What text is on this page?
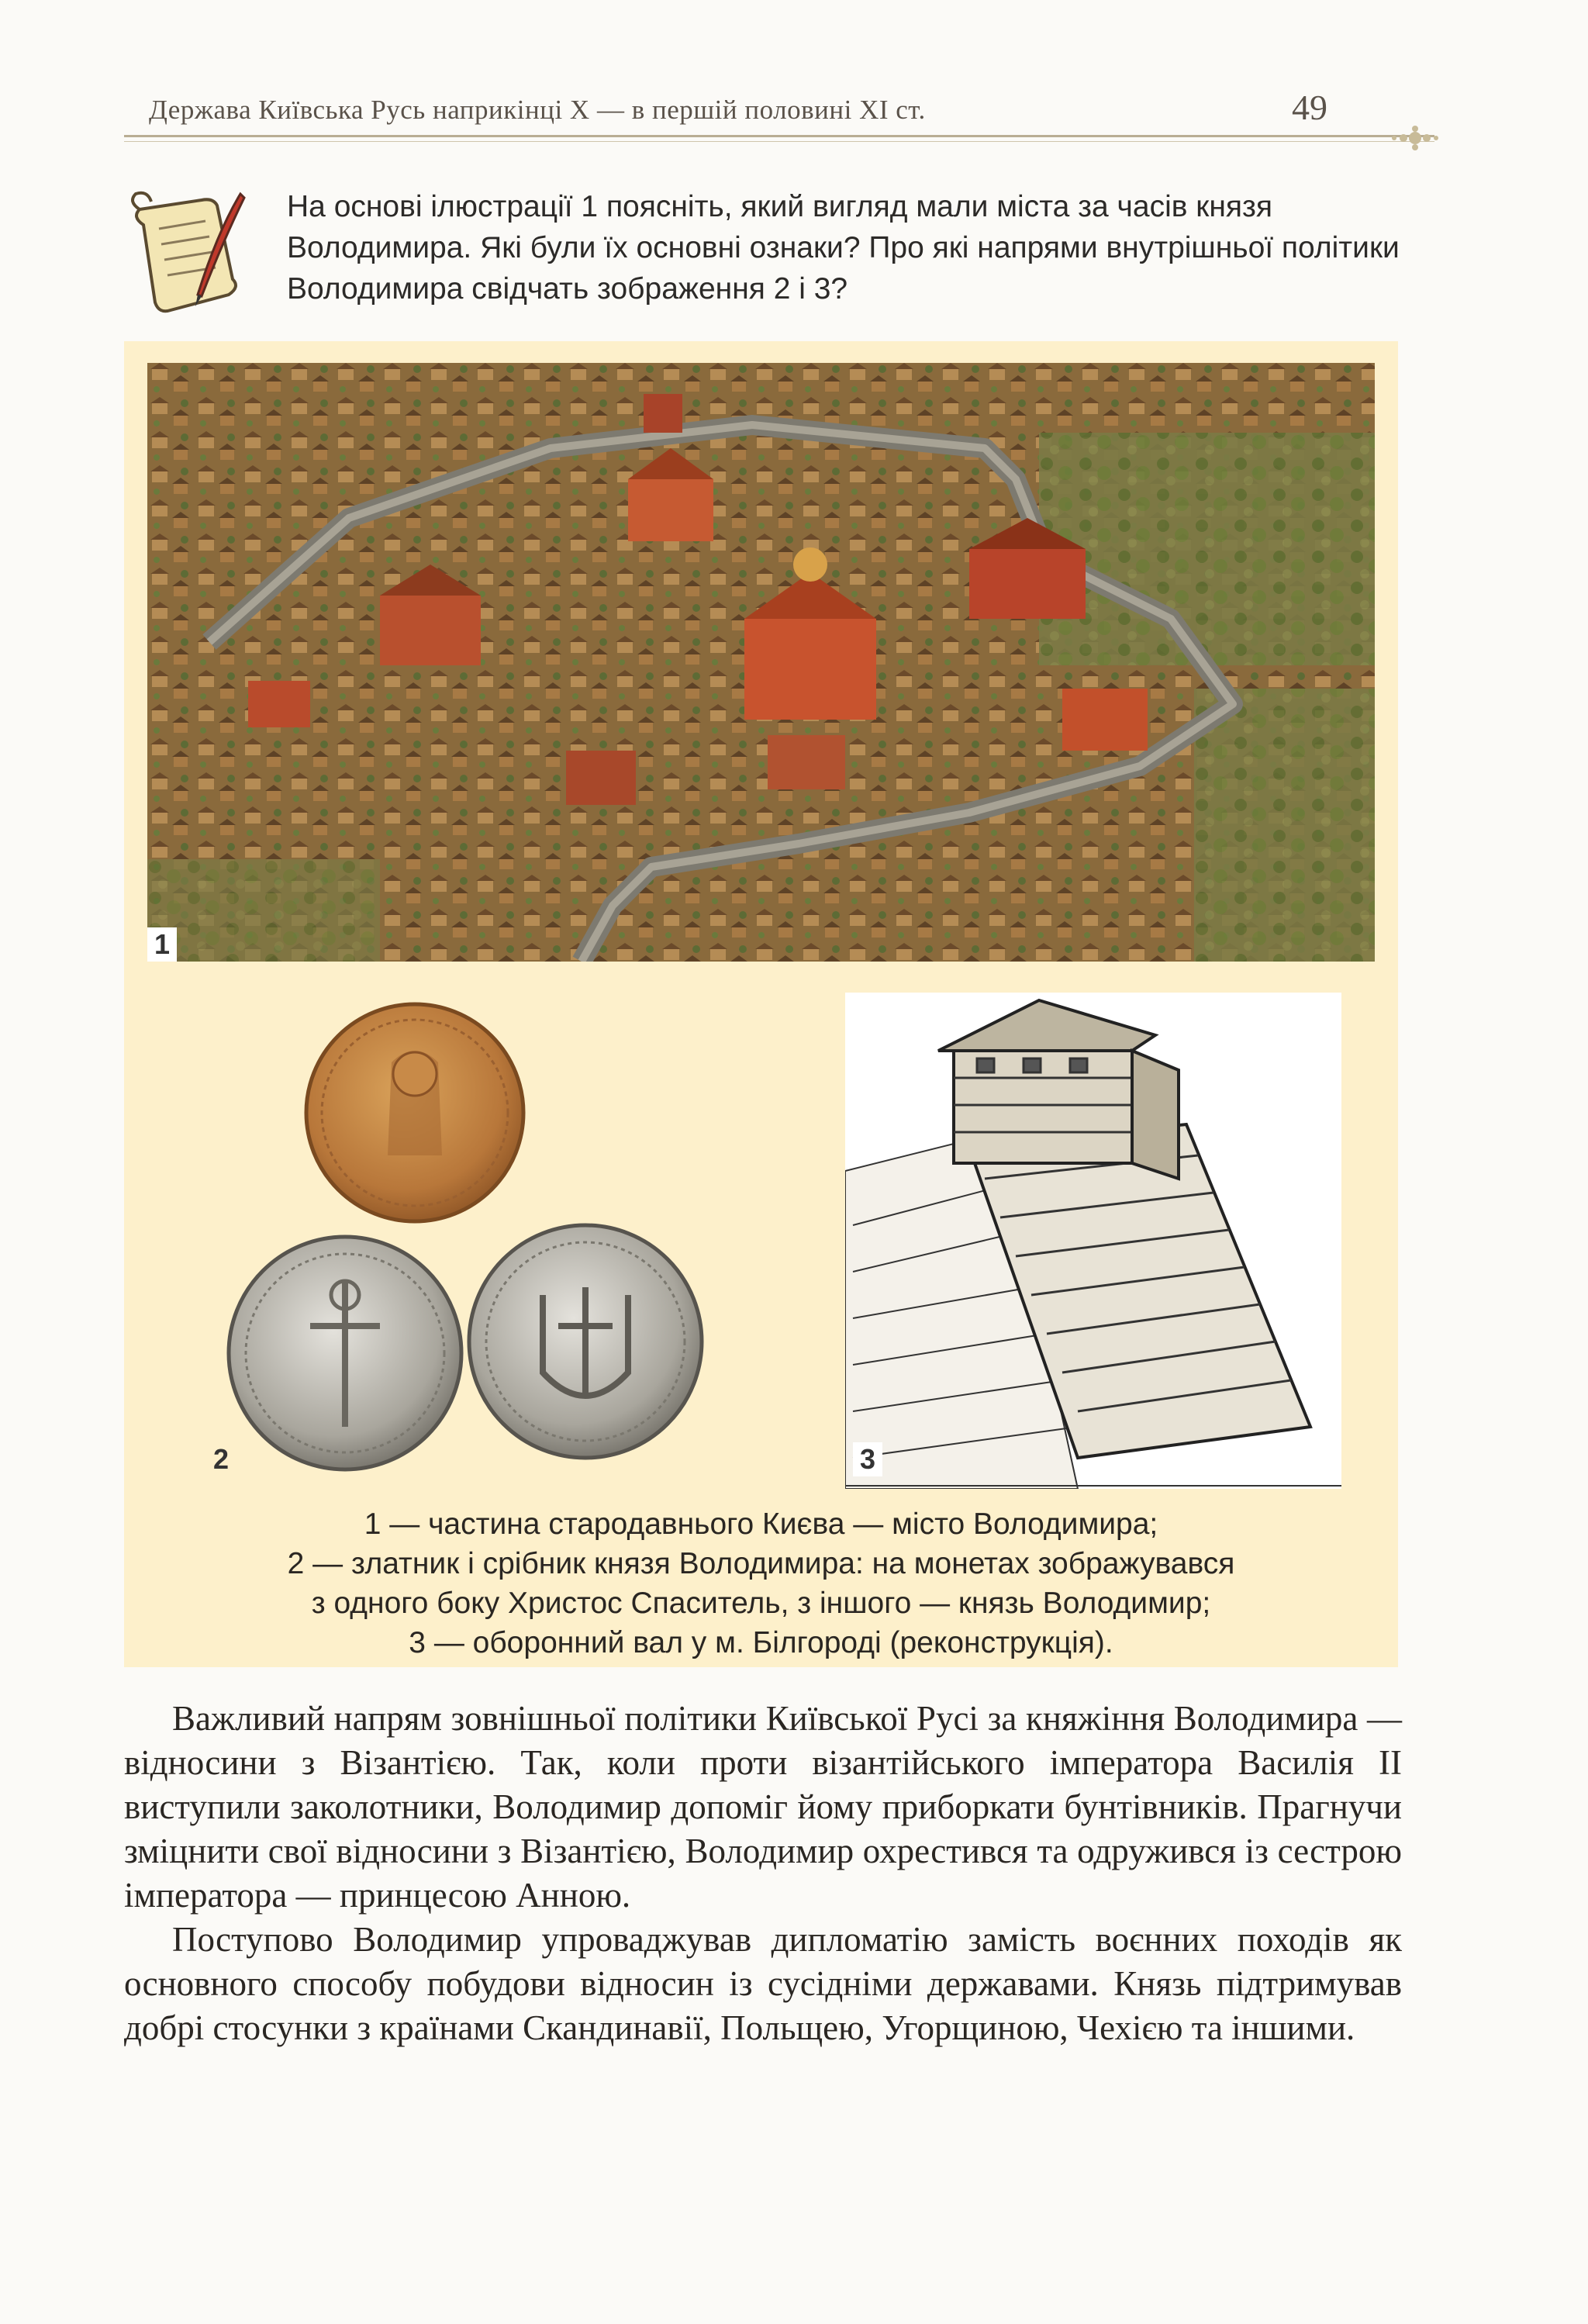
Держава Київська Русь наприкінці X — в першій половині XI ст.	49
На основі ілюстрації 1 поясніть, який вигляд мали міста за часів князя Володимира. Які були їх основні ознаки? Про які напрями внутрішньої політики Володимира свідчать зображення 2 і 3?
1
2	3
1 — частина стародавнього Києва — місто Володимира;
2 — златник і срібник князя Володимира: на монетах зображувався
з одного боку Христос Спаситель, з іншого — князь Володимир;
3 — оборонний вал у м. Білгороді (реконструкція).

Важливий напрям зовнішньої політики Київської Русі за княжіння Володимира — відносини з Візантією. Так, коли проти візантійського імператора Василія II виступили заколотники, Володимир допоміг йому приборкати бунтівників. Прагнучи зміцнити свої відносини з Візантією, Володимир охрестився та одружився із сестрою імператора — принцесою Анною.

Поступово Володимир упроваджував дипломатію замість воєнних походів як основного способу побудови відносин із сусідніми державами. Князь підтримував добрі стосунки з країнами Скандинавії, Польщею, Угорщиною, Чехією та іншими.
